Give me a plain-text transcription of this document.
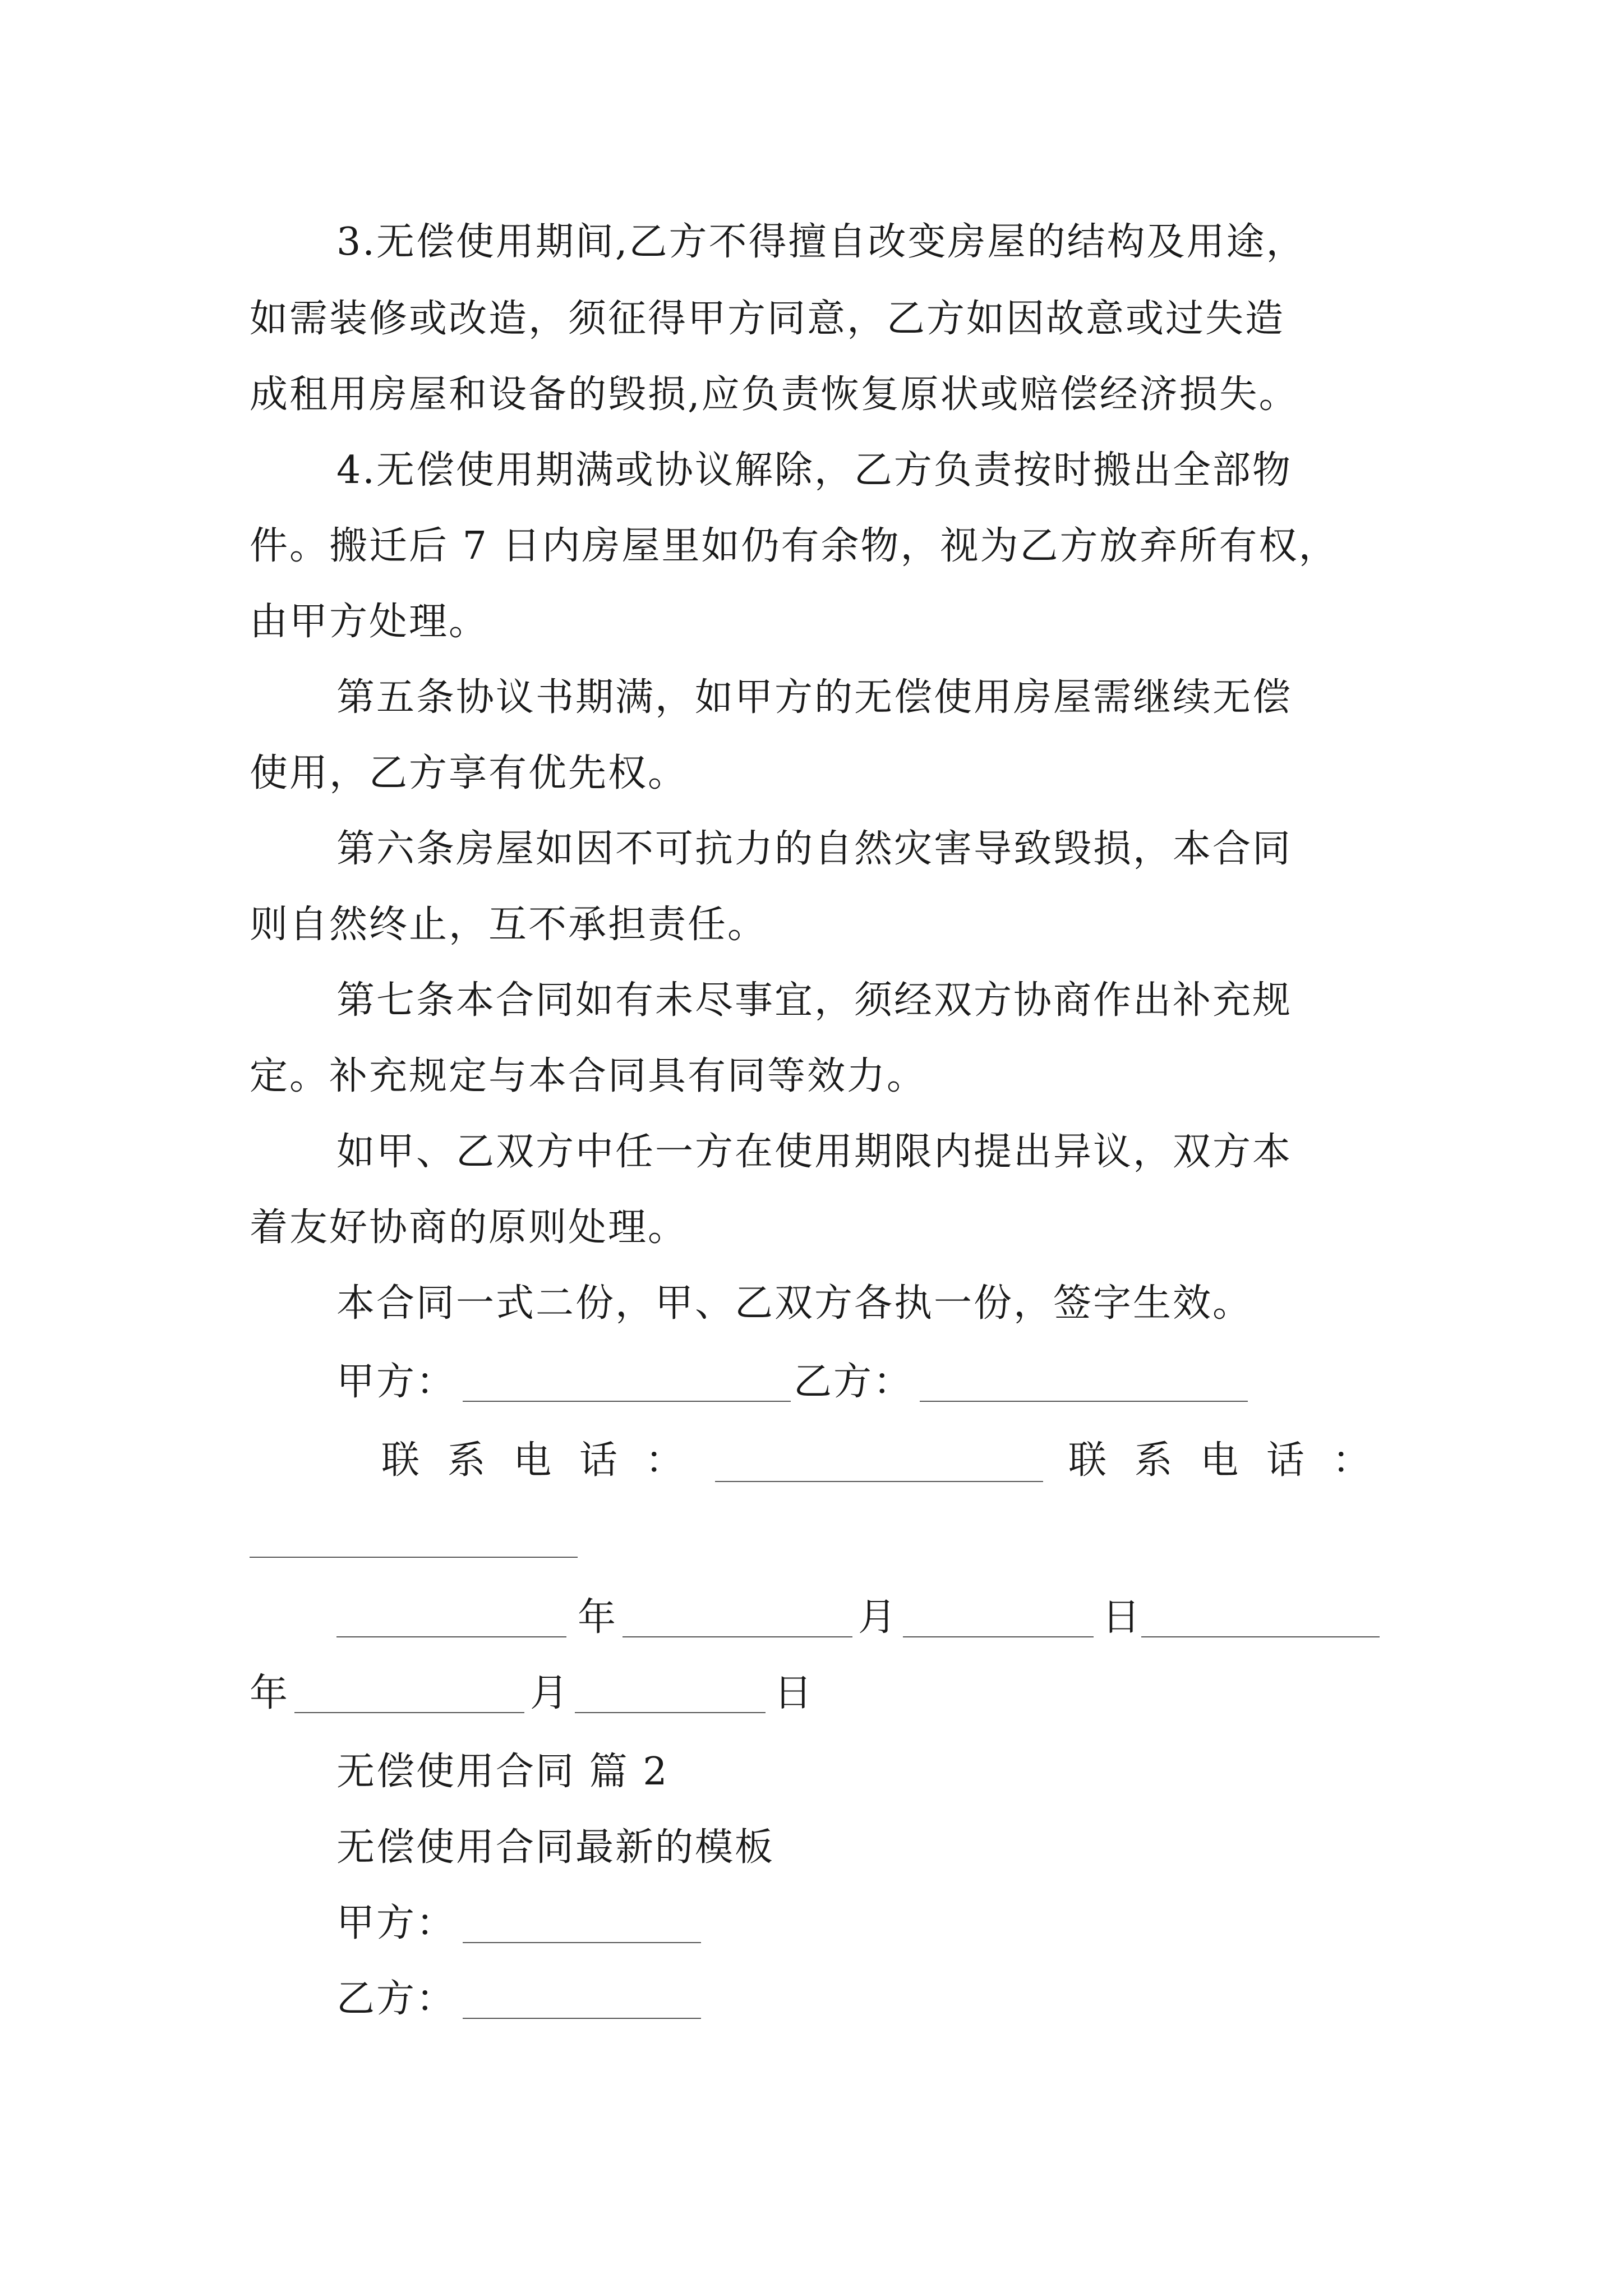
3.无偿使用期间,乙方不得擅自改变房屋的结构及用途，
如需装修或改造，须征得甲方同意，乙方如因故意或过失造
成租用房屋和设备的毁损,应负责恢复原状或赔偿经济损失。
4.无偿使用期满或协议解除，乙方负责按时搬出全部物
件。搬迁后 7 日内房屋里如仍有余物，视为乙方放弃所有权，
由甲方处理。
第五条协议书期满，如甲方的无偿使用房屋需继续无偿
使用，乙方享有优先权。
第六条房屋如因不可抗力的自然灾害导致毁损，本合同
则自然终止，互不承担责任。
第七条本合同如有未尽事宜，须经双方协商作出补充规
定。补充规定与本合同具有同等效力。
如甲、乙双方中任一方在使用期限内提出异议，双方本
着友好协商的原则处理。
本合同一式二份，甲、乙双方各执一份，签字生效。
甲方：	乙方：
联 系 电 话 ：	联 系 电 话 ：
年	月	日
年	月	日
无偿使用合同 篇 2
无偿使用合同最新的模板
甲方：
乙方：
